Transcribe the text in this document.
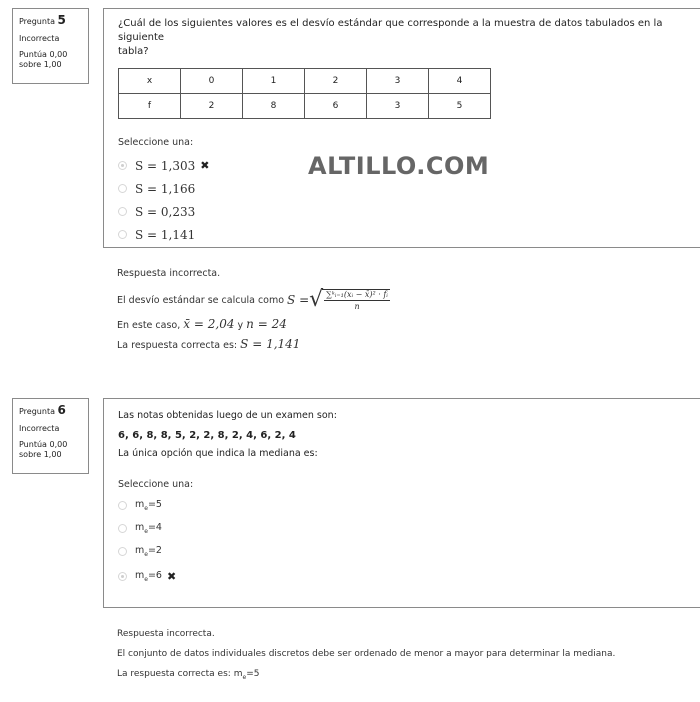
Pregunta 5
Incorrecta
Puntúa 0,00
sobre 1,00
¿Cuál de los siguientes valores es el desvío estándar que corresponde a la muestra de datos tabulados en la siguiente
tabla?
x	0	1	2	3	4
f	2	8	6	3	5
Seleccione una:
S = 1,303 ✖
S = 1,166
S = 0,233
S = 1,141
ALTILLO.COM

Respuesta incorrecta.

El desvío estándar se calcula como S = √ $\frac{\text{∑ᵏᵢ₌₁(xᵢ − x̄)² · fᵢ}}{n}$

En este caso, x̄ = 2,04 y n = 24

La respuesta correcta es: S = 1,141

Pregunta 6
Incorrecta
Puntúa 0,00
sobre 1,00
Las notas obtenidas luego de un examen son:
6, 6, 8, 8, 5, 2, 2, 8, 2, 4, 6, 2, 4
La única opción que indica la mediana es:
Seleccione una:
$m_e=5$
$m_e=4$
$m_e=2$
$m_e=6$ ✖

Respuesta incorrecta.

El conjunto de datos individuales discretos debe ser ordenado de menor a mayor para determinar la mediana.

La respuesta correcta es: $m_e=5$
